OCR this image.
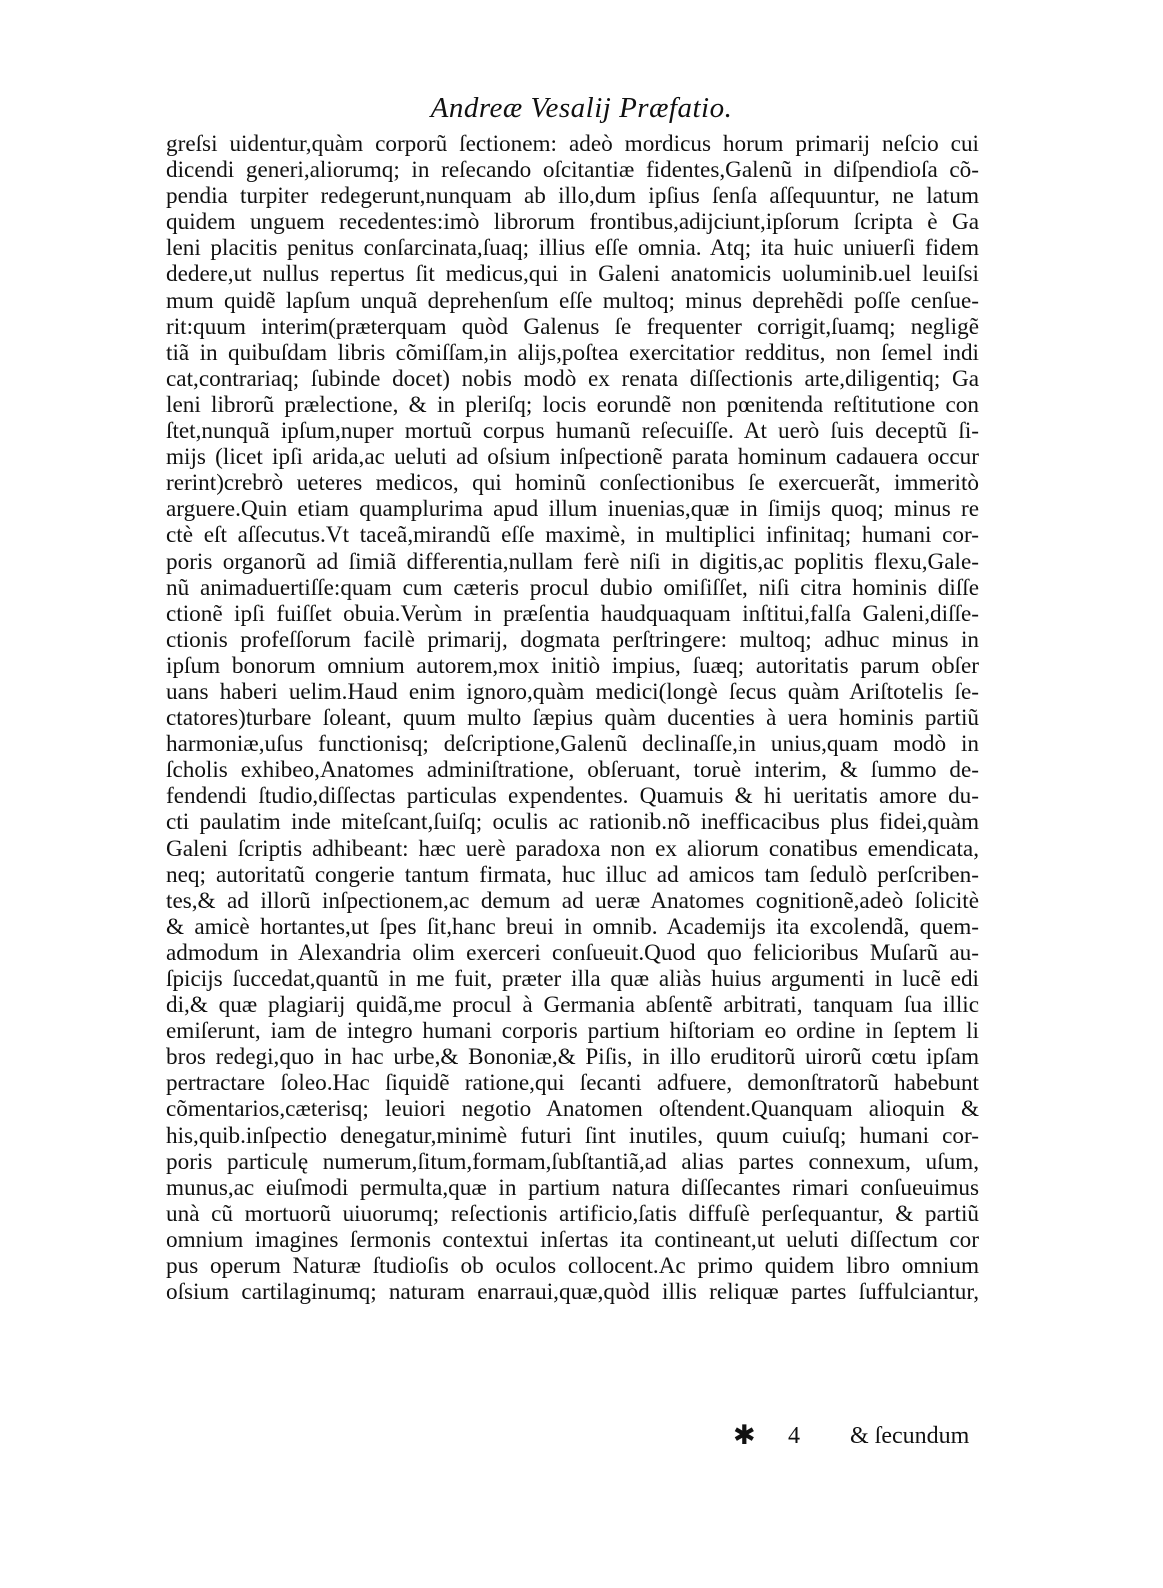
Andreæ Vesalij Præfatio.
greſsi uidentur,quàm corporũ ſectionem: adeò mordicus horum primarij neſcio cui
dicendi generi,aliorumq; in reſecando oſcitantiæ fidentes,Galenũ in diſpendioſa cõ-
pendia turpiter redegerunt,nunquam ab illo,dum ipſius ſenſa aſſequuntur, ne latum
quidem unguem recedentes:imò librorum frontibus,adijciunt,ipſorum ſcripta è Ga
leni placitis penitus conſarcinata,ſuaq; illius eſſe omnia. Atq; ita huic uniuerſi fidem
dedere,ut nullus repertus ſit medicus,qui in Galeni anatomicis uoluminib.uel leuiſsi
mum quidẽ lapſum unquã deprehenſum eſſe multoq; minus deprehẽdi poſſe cenſue-
rit:quum interim(præterquam quòd Galenus ſe frequenter corrigit,ſuamq; negligẽ
tiã in quibuſdam libris cõmiſſam,in alijs,poſtea exercitatior redditus, non ſemel indi
cat,contrariaq; ſubinde docet) nobis modò ex renata diſſectionis arte,diligentiq; Ga
leni librorũ prælectione, & in pleriſq; locis eorundẽ non pœnitenda reſtitutione con
ſtet,nunquã ipſum,nuper mortuũ corpus humanũ reſecuiſſe. At uerò ſuis deceptũ ſi-
mijs (licet ipſi arida,ac ueluti ad oſsium inſpectionẽ parata hominum cadauera occur
rerint)crebrò ueteres medicos, qui hominũ conſectionibus ſe exercuerãt, immeritò
arguere.Quin etiam quamplurima apud illum inuenias,quæ in ſimijs quoq; minus re
ctè eſt aſſecutus.Vt taceã,mirandũ eſſe maximè, in multiplici infinitaq; humani cor-
poris organorũ ad ſimiã differentia,nullam ferè niſi in digitis,ac poplitis flexu,Gale-
nũ animaduertiſſe:quam cum cæteris procul dubio omiſiſſet, niſi citra hominis diſſe
ctionẽ ipſi fuiſſet obuia.Verùm in præſentia haudquaquam inſtitui,falſa Galeni,diſſe-
ctionis profeſſorum facilè primarij, dogmata perſtringere: multoq; adhuc minus in
ipſum bonorum omnium autorem,mox initiò impius, ſuæq; autoritatis parum obſer
uans haberi uelim.Haud enim ignoro,quàm medici(longè ſecus quàm Ariſtotelis ſe-
ctatores)turbare ſoleant, quum multo ſæpius quàm ducenties à uera hominis partiũ
harmoniæ,uſus functionisq; deſcriptione,Galenũ declinaſſe,in unius,quam modò in
ſcholis exhibeo,Anatomes adminiſtratione, obſeruant, toruè interim, & ſummo de-
fendendi ſtudio,diſſectas particulas expendentes. Quamuis & hi ueritatis amore du-
cti paulatim inde miteſcant,ſuiſq; oculis ac rationib.nõ inefficacibus plus fidei,quàm
Galeni ſcriptis adhibeant: hæc uerè paradoxa non ex aliorum conatibus emendicata,
neq; autoritatũ congerie tantum firmata, huc illuc ad amicos tam ſedulò perſcriben-
tes,& ad illorũ inſpectionem,ac demum ad ueræ Anatomes cognitionẽ,adeò ſolicitè
& amicè hortantes,ut ſpes ſit,hanc breui in omnib. Academijs ita excolendã, quem-
admodum in Alexandria olim exerceri conſueuit.Quod quo felicioribus Muſarũ au-
ſpicijs ſuccedat,quantũ in me fuit, præter illa quæ aliàs huius argumenti in lucẽ edi
di,& quæ plagiarij quidã,me procul à Germania abſentẽ arbitrati, tanquam ſua illic
emiſerunt, iam de integro humani corporis partium hiſtoriam eo ordine in ſeptem li
bros redegi,quo in hac urbe,& Bononiæ,& Piſis, in illo eruditorũ uirorũ cœtu ipſam
pertractare ſoleo.Hac ſiquidẽ ratione,qui ſecanti adfuere, demonſtratorũ habebunt
cõmentarios,cæterisq; leuiori negotio Anatomen oſtendent.Quanquam alioquin &
his,quib.inſpectio denegatur,minimè futuri ſint inutiles, quum cuiuſq; humani cor-
poris particulę numerum,ſitum,formam,ſubſtantiã,ad alias partes connexum, uſum,
munus,ac eiuſmodi permulta,quæ in partium natura diſſecantes rimari conſueuimus
unà cũ mortuorũ uiuorumq; reſectionis artificio,ſatis diffuſè perſequantur, & partiũ
omnium imagines ſermonis contextui inſertas ita contineant,ut ueluti diſſectum cor
pus operum Naturæ ſtudioſis ob oculos collocent.Ac primo quidem libro omnium
oſsium cartilaginumq; naturam enarraui,quæ,quòd illis reliquæ partes ſuffulciantur,
✱ 4 & ſecundum
